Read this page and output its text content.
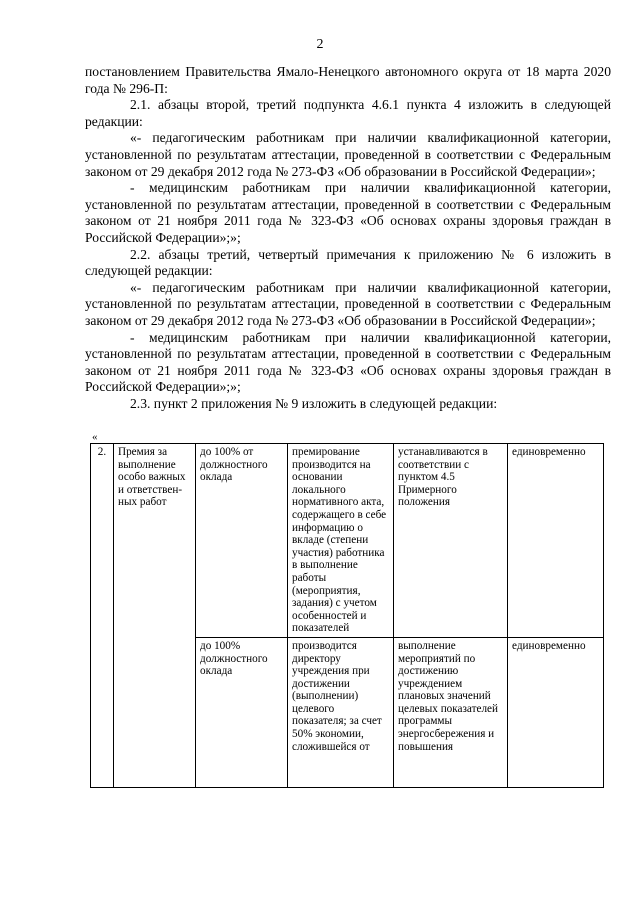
2

постановлением Правительства Ямало-Ненецкого автономного округа от 18 марта 2020 года № 296-П:

2.1. абзацы второй, третий подпункта 4.6.1 пункта 4 изложить в следующей редакции:

«- педагогическим работникам при наличии квалификационной категории, установленной по результатам аттестации, проведенной в соответствии с Федеральным законом от 29 декабря 2012 года № 273-ФЗ «Об образовании в Российской Федерации»;

- медицинским работникам при наличии квалификационной категории, установленной по результатам аттестации, проведенной в соответствии с Федеральным законом от 21 ноября 2011 года № 323-ФЗ «Об основах охраны здоровья граждан в Российской Федерации»;»;

2.2. абзацы третий, четвертый примечания к приложению № 6 изложить в следующей редакции:

«- педагогическим работникам при наличии квалификационной категории, установленной по результатам аттестации, проведенной в соответствии с Федеральным законом от 29 декабря 2012 года № 273-ФЗ «Об образовании в Российской Федерации»;

- медицинским работникам при наличии квалификационной категории, установленной по результатам аттестации, проведенной в соответствии с Федеральным законом от 21 ноября 2011 года № 323-ФЗ «Об основах охраны здоровья граждан в Российской Федерации»;»;

2.3. пункт 2 приложения № 9 изложить в следующей редакции:

«
2.	Премия за выполнение особо важных и ответствен-ных работ	до 100% от должностного оклада	премирование производится на основании локального нормативного акта, содержащего в себе информацию о вкладе (степени участия) работника в выполнение работы (мероприятия, задания) с учетом особенностей и показателей	устанавливаются в соответствии с пунктом 4.5 Примерного положения	единовременно

		до 100% должностного оклада	производится директору учреждения при достижении (выполнении) целевого показателя; за счет 50% экономии, сложившейся от	выполнение мероприятий по достижению учреждением плановых значений целевых показателей программы энергосбережения и повышения	единовременно
